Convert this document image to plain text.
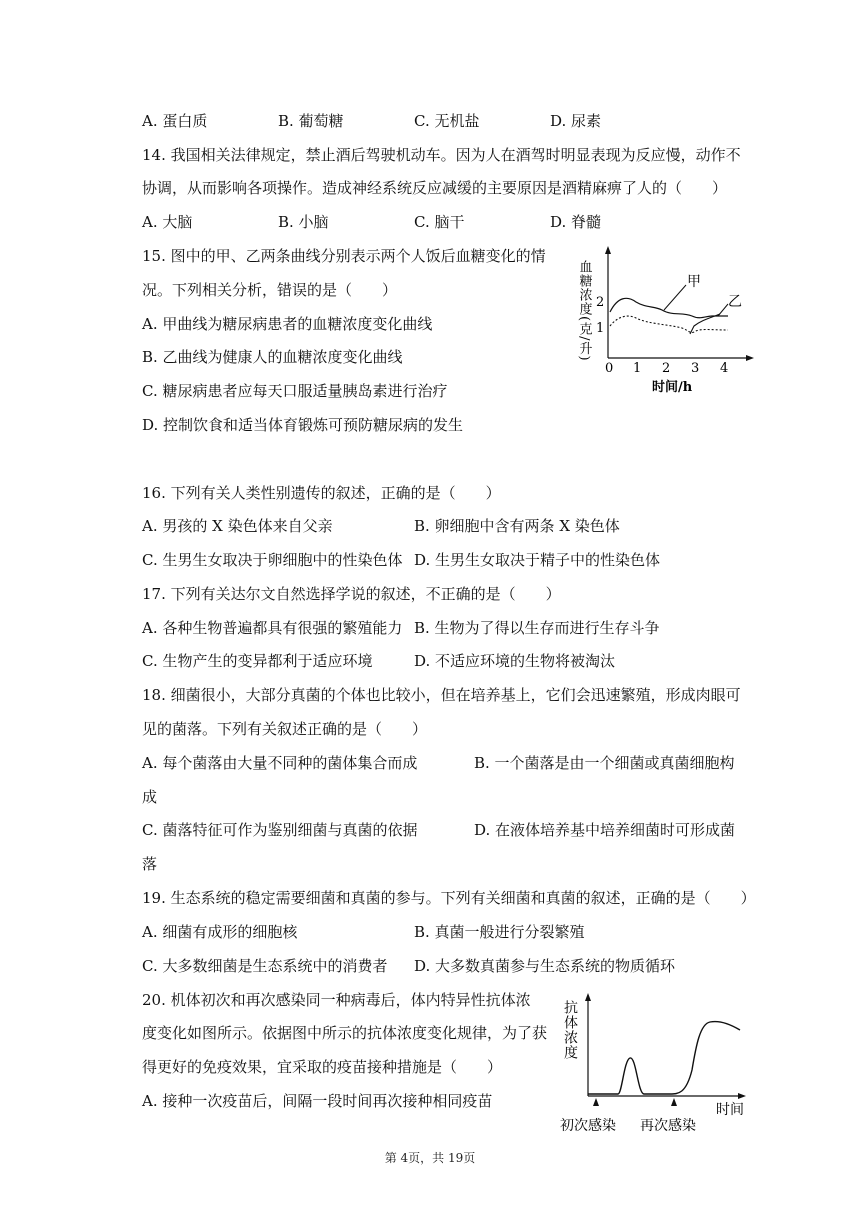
A. 蛋白质	B. 葡萄糖	C. 无机盐	D. 尿素
14. 我国相关法律规定，禁止酒后驾驶机动车。因为人在酒驾时明显表现为反应慢，动作不
协调，从而影响各项操作。造成神经系统反应减缓的主要原因是酒精麻痹了人的（　　）
A. 大脑	B. 小脑	C. 脑干	D. 脊髓
15. 图中的甲、乙两条曲线分别表示两个人饭后血糖变化的情
况。下列相关分析，错误的是（　　）
A. 甲曲线为糖尿病患者的血糖浓度变化曲线
B. 乙曲线为健康人的血糖浓度变化曲线
C. 糖尿病患者应每天口服适量胰岛素进行治疗
D. 控制饮食和适当体育锻炼可预防糖尿病的发生
血糖浓度(克/升) 2
1
0 1 2 3 4
时间/h
甲
乙
16. 下列有关人类性别遗传的叙述，正确的是（　　）
A. 男孩的 X 染色体来自父亲	B. 卵细胞中含有两条 X 染色体
C. 生男生女取决于卵细胞中的性染色体 D. 生男生女取决于精子中的性染色体
17. 下列有关达尔文自然选择学说的叙述，不正确的是（　　）
A. 各种生物普遍都具有很强的繁殖能力 B. 生物为了得以生存而进行生存斗争
C. 生物产生的变异都利于适应环境	D. 不适应环境的生物将被淘汰
18. 细菌很小，大部分真菌的个体也比较小，但在培养基上，它们会迅速繁殖，形成肉眼可
见的菌落。下列有关叙述正确的是（　　）
A. 每个菌落由大量不同种的菌体集合而成	B. 一个菌落是由一个细菌或真菌细胞构
成
C. 菌落特征可作为鉴别细菌与真菌的依据	D. 在液体培养基中培养细菌时可形成菌
落
19. 生态系统的稳定需要细菌和真菌的参与。下列有关细菌和真菌的叙述，正确的是（　　）
A. 细菌有成形的细胞核	B. 真菌一般进行分裂繁殖
C. 大多数细菌是生态系统中的消费者 D. 大多数真菌参与生态系统的物质循环
20. 机体初次和再次感染同一种病毒后，体内特异性抗体浓
度变化如图所示。依据图中所示的抗体浓度变化规律，为了获
得更好的免疫效果，宜采取的疫苗接种措施是（　　）
A. 接种一次疫苗后，间隔一段时间再次接种相同疫苗
抗体浓度
时间
初次感染 再次感染
第 4页，共 19页
